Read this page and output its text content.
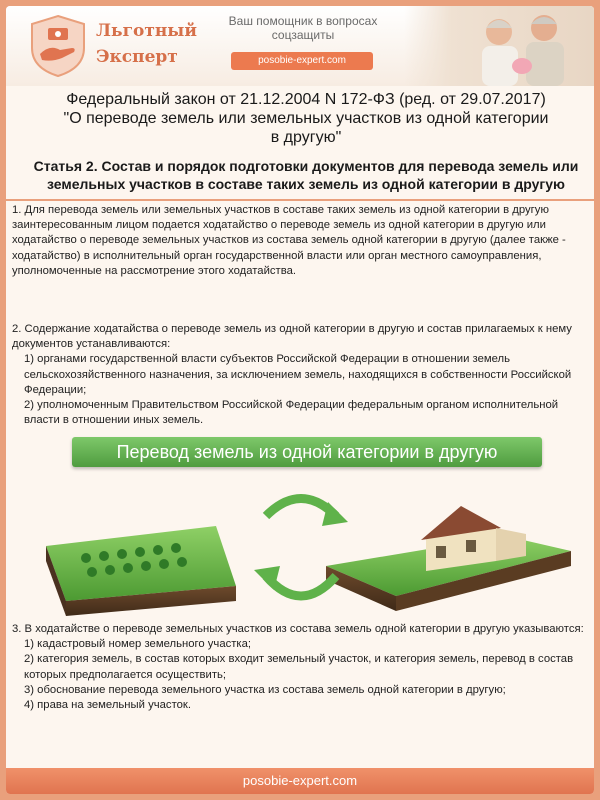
Льготный
Эксперт
Ваш помощник в вопросах соцзащиты
posobie-expert.com
Федеральный закон от 21.12.2004 N 172-ФЗ (ред. от 29.07.2017)
"О переводе земель или земельных участков из одной категории
в другую"
Статья 2. Состав и порядок подготовки документов для перевода земель или
земельных участков в составе таких земель из одной категории в другую
1. Для перевода земель или земельных участков в составе таких земель из одной категории в другую заинтересованным лицом подается ходатайство о переводе земель из одной категории в другую или ходатайство о переводе земельных участков из состава земель одной категории в другую (далее также - ходатайство) в исполнительный орган государственной власти или орган местного самоуправления, уполномоченные на рассмотрение этого ходатайства.
2. Содержание ходатайства о переводе земель из одной категории в другую и состав прилагаемых к нему документов устанавливаются:
1) органами государственной власти субъектов Российской Федерации в отношении земель сельскохозяйственного назначения, за исключением земель, находящихся в собственности Российской Федерации;
2) уполномоченным Правительством Российской Федерации федеральным органом исполнительной власти в отношении иных земель.
Перевод земель из одной категории в другую
3. В ходатайстве о переводе земельных участков из состава земель одной категории в другую указываются:
1) кадастровый номер земельного участка;
2) категория земель, в состав которых входит земельный участок, и категория земель, перевод в состав которых предполагается осуществить;
3) обоснование перевода земельного участка из состава земель одной категории в другую;
4) права на земельный участок.
posobie-expert.com
